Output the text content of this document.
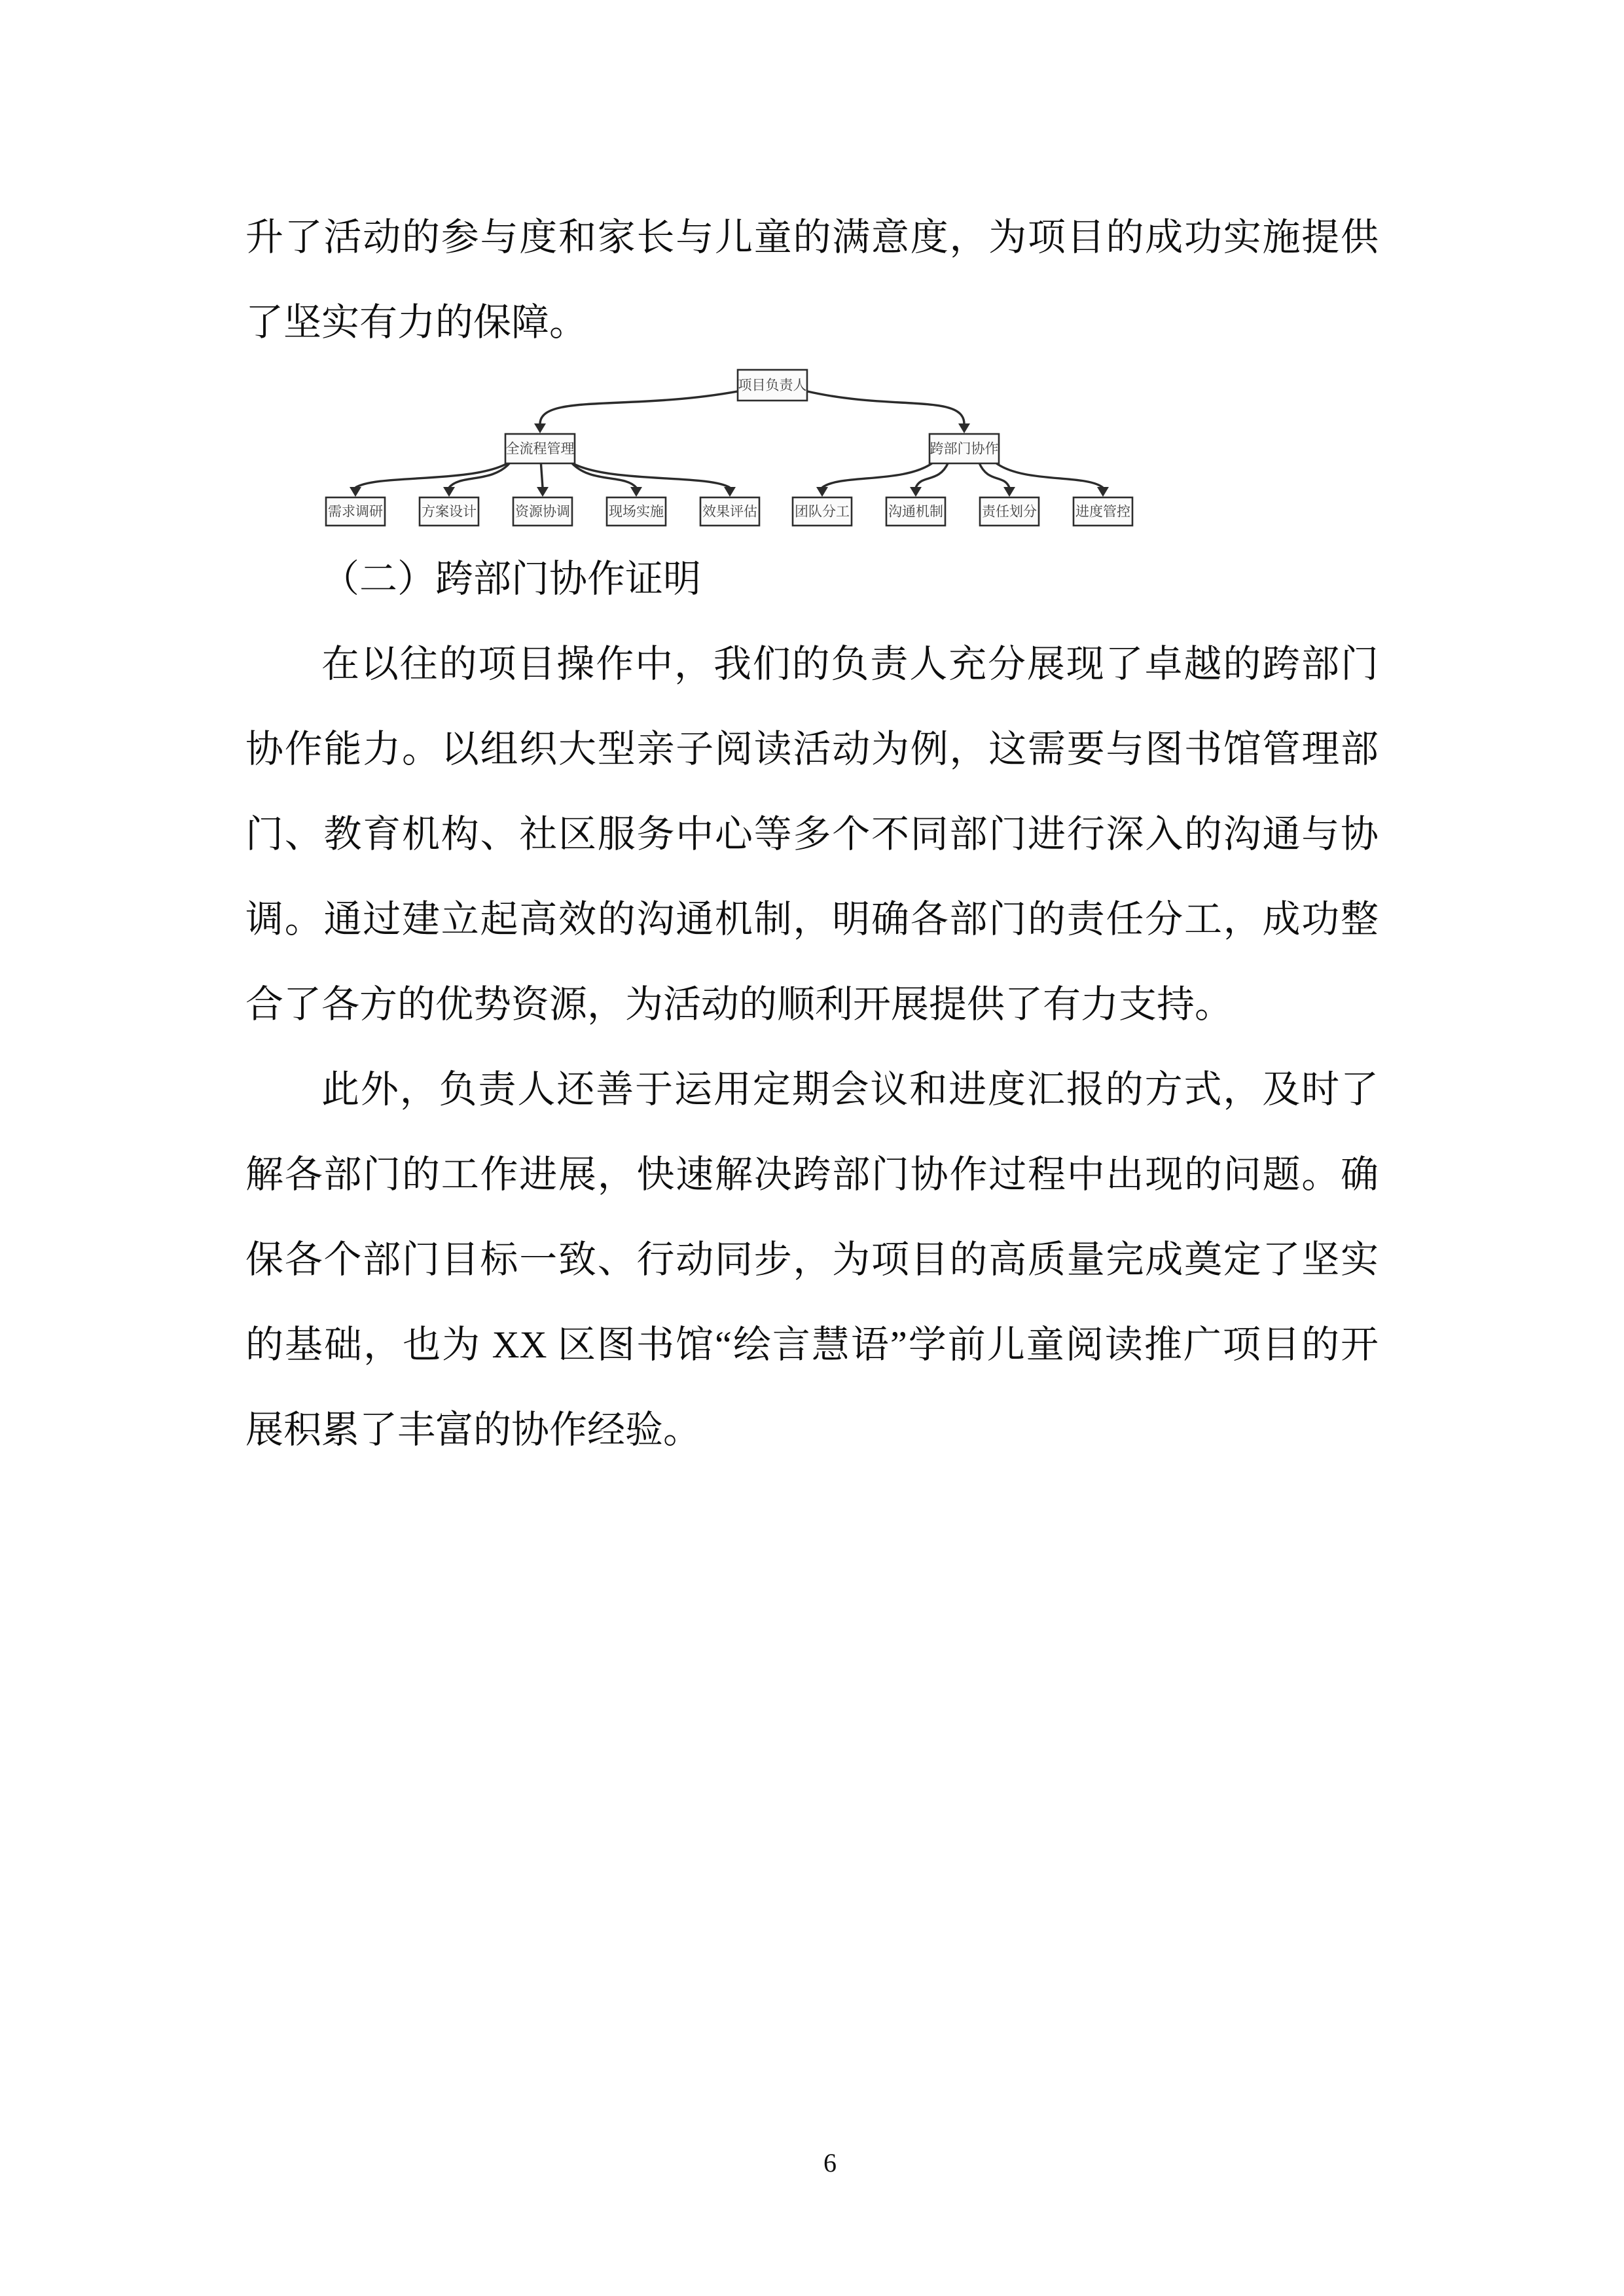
升了活动的参与度和家长与儿童的满意度，为项目的成功实施提供
了坚实有力的保障。
项目负责人
全流程管理	跨部门协作
需求调研	方案设计	资源协调	现场实施	效果评估	团队分工	沟通机制	责任划分	进度管控
（二）跨部门协作证明
在以往的项目操作中，我们的负责人充分展现了卓越的跨部门
协作能力。以组织大型亲子阅读活动为例，这需要与图书馆管理部
门、教育机构、社区服务中心等多个不同部门进行深入的沟通与协
调。通过建立起高效的沟通机制，明确各部门的责任分工，成功整
合了各方的优势资源，为活动的顺利开展提供了有力支持。
此外，负责人还善于运用定期会议和进度汇报的方式，及时了
解各部门的工作进展，快速解决跨部门协作过程中出现的问题。确
保各个部门目标一致、行动同步，为项目的高质量完成奠定了坚实
的基础，也为 XX 区图书馆“绘言慧语”学前儿童阅读推广项目的开
展积累了丰富的协作经验。
6
